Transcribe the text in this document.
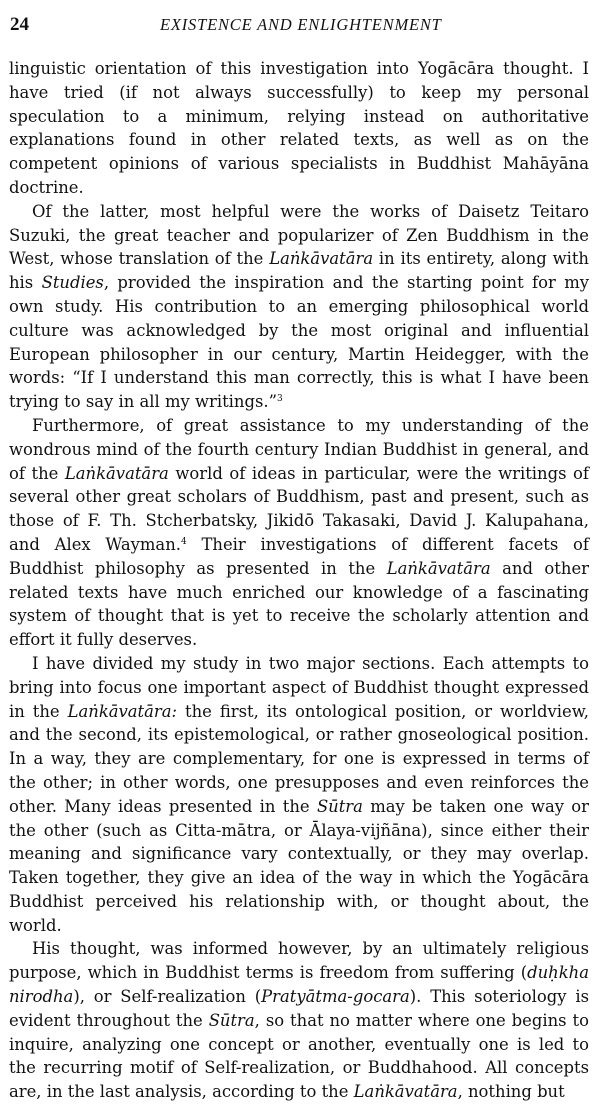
24	EXISTENCE AND ENLIGHTENMENT

linguistic orientation of this investigation into Yogācāra thought. I have tried (if not always successfully) to keep my personal speculation to a minimum, relying instead on authoritative explanations found in other related texts, as well as on the competent opinions of various specialists in Buddhist Mahāyāna doctrine.

Of the latter, most helpful were the works of Daisetz Teitaro Suzuki, the great teacher and popularizer of Zen Buddhism in the West, whose translation of the Laṅkāvatāra in its entirety, along with his Studies, provided the inspiration and the starting point for my own study. His contribution to an emerging philosophical world culture was acknowledged by the most original and influential European philosopher in our century, Martin Heidegger, with the words: “If I understand this man correctly, this is what I have been trying to say in all my writings.”$^3$

Furthermore, of great assistance to my understanding of the wondrous mind of the fourth century Indian Buddhist in general, and of the Laṅkāvatāra world of ideas in particular, were the writings of several other great scholars of Buddhism, past and present, such as those of F. Th. Stcherbatsky, Jikidō Takasaki, David J. Kalupahana, and Alex Wayman.$^4$ Their investigations of different facets of Buddhist philosophy as presented in the Laṅkāvatāra and other related texts have much enriched our knowledge of a fascinating system of thought that is yet to receive the scholarly attention and effort it fully deserves.

I have divided my study in two major sections. Each attempts to bring into focus one important aspect of Buddhist thought expressed in the Laṅkāvatāra: the first, its ontological position, or worldview, and the second, its epistemological, or rather gnoseological position. In a way, they are complementary, for one is expressed in terms of the other; in other words, one presupposes and even reinforces the other. Many ideas presented in the Sūtra may be taken one way or the other (such as Citta-mātra, or Ālaya-vijñāna), since either their meaning and significance vary contextually, or they may overlap. Taken together, they give an idea of the way in which the Yogācāra Buddhist perceived his relationship with, or thought about, the world.

His thought, was informed however, by an ultimately religious purpose, which in Buddhist terms is freedom from suffering (duḥkha nirodha), or Self-realization (Pratyātma-gocara). This soteriology is evident throughout the Sūtra, so that no matter where one begins to inquire, analyzing one concept or another, eventually one is led to the recurring motif of Self-realization, or Buddhahood. All concepts are, in the last analysis, according to the Laṅkāvatāra, nothing but
